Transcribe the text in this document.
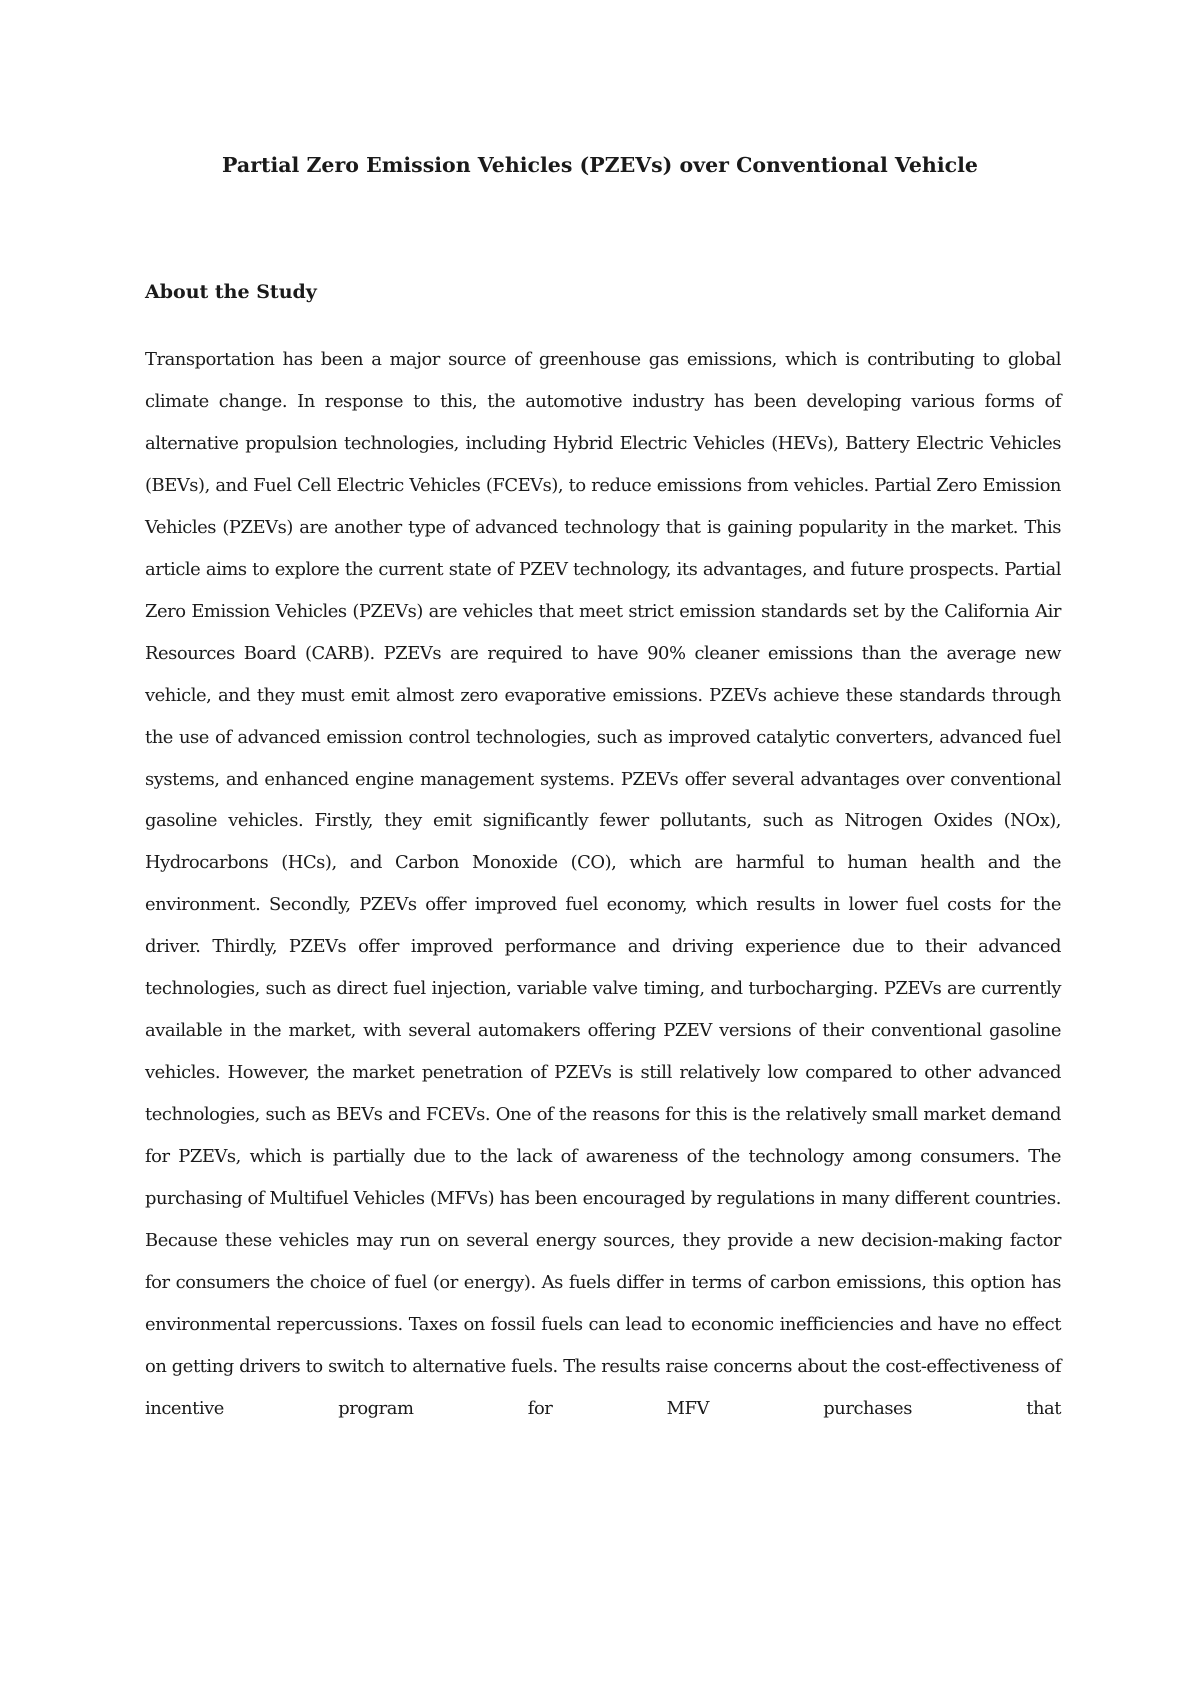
Partial Zero Emission Vehicles (PZEVs) over Conventional Vehicle
About the Study

Transportation has been a major source of greenhouse gas emissions, which is contributing to global climate change. In response to this, the automotive industry has been developing various forms of alternative propulsion technologies, including Hybrid Electric Vehicles (HEVs), Battery Electric Vehicles (BEVs), and Fuel Cell Electric Vehicles (FCEVs), to reduce emissions from vehicles. Partial Zero Emission Vehicles (PZEVs) are another type of advanced technology that is gaining popularity in the market. This article aims to explore the current state of PZEV technology, its advantages, and future prospects. Partial Zero Emission Vehicles (PZEVs) are vehicles that meet strict emission standards set by the California Air Resources Board (CARB). PZEVs are required to have 90% cleaner emissions than the average new vehicle, and they must emit almost zero evaporative emissions. PZEVs achieve these standards through the use of advanced emission control technologies, such as improved catalytic converters, advanced fuel systems, and enhanced engine management systems. PZEVs offer several advantages over conventional gasoline vehicles. Firstly, they emit significantly fewer pollutants, such as Nitrogen Oxides (NOx), Hydrocarbons (HCs), and Carbon Monoxide (CO), which are harmful to human health and the environment. Secondly, PZEVs offer improved fuel economy, which results in lower fuel costs for the driver. Thirdly, PZEVs offer improved performance and driving experience due to their advanced technologies, such as direct fuel injection, variable valve timing, and turbocharging. PZEVs are currently available in the market, with several automakers offering PZEV versions of their conventional gasoline vehicles. However, the market penetration of PZEVs is still relatively low compared to other advanced technologies, such as BEVs and FCEVs. One of the reasons for this is the relatively small market demand for PZEVs, which is partially due to the lack of awareness of the technology among consumers. The purchasing of Multifuel Vehicles (MFVs) has been encouraged by regulations in many different countries. Because these vehicles may run on several energy sources, they provide a new decision-making factor for consumers the choice of fuel (or energy). As fuels differ in terms of carbon emissions, this option has environmental repercussions. Taxes on fossil fuels can lead to economic inefficiencies and have no effect on getting drivers to switch to alternative fuels. The results raise concerns about the cost-effectiveness of incentive program for MFV purchases that
